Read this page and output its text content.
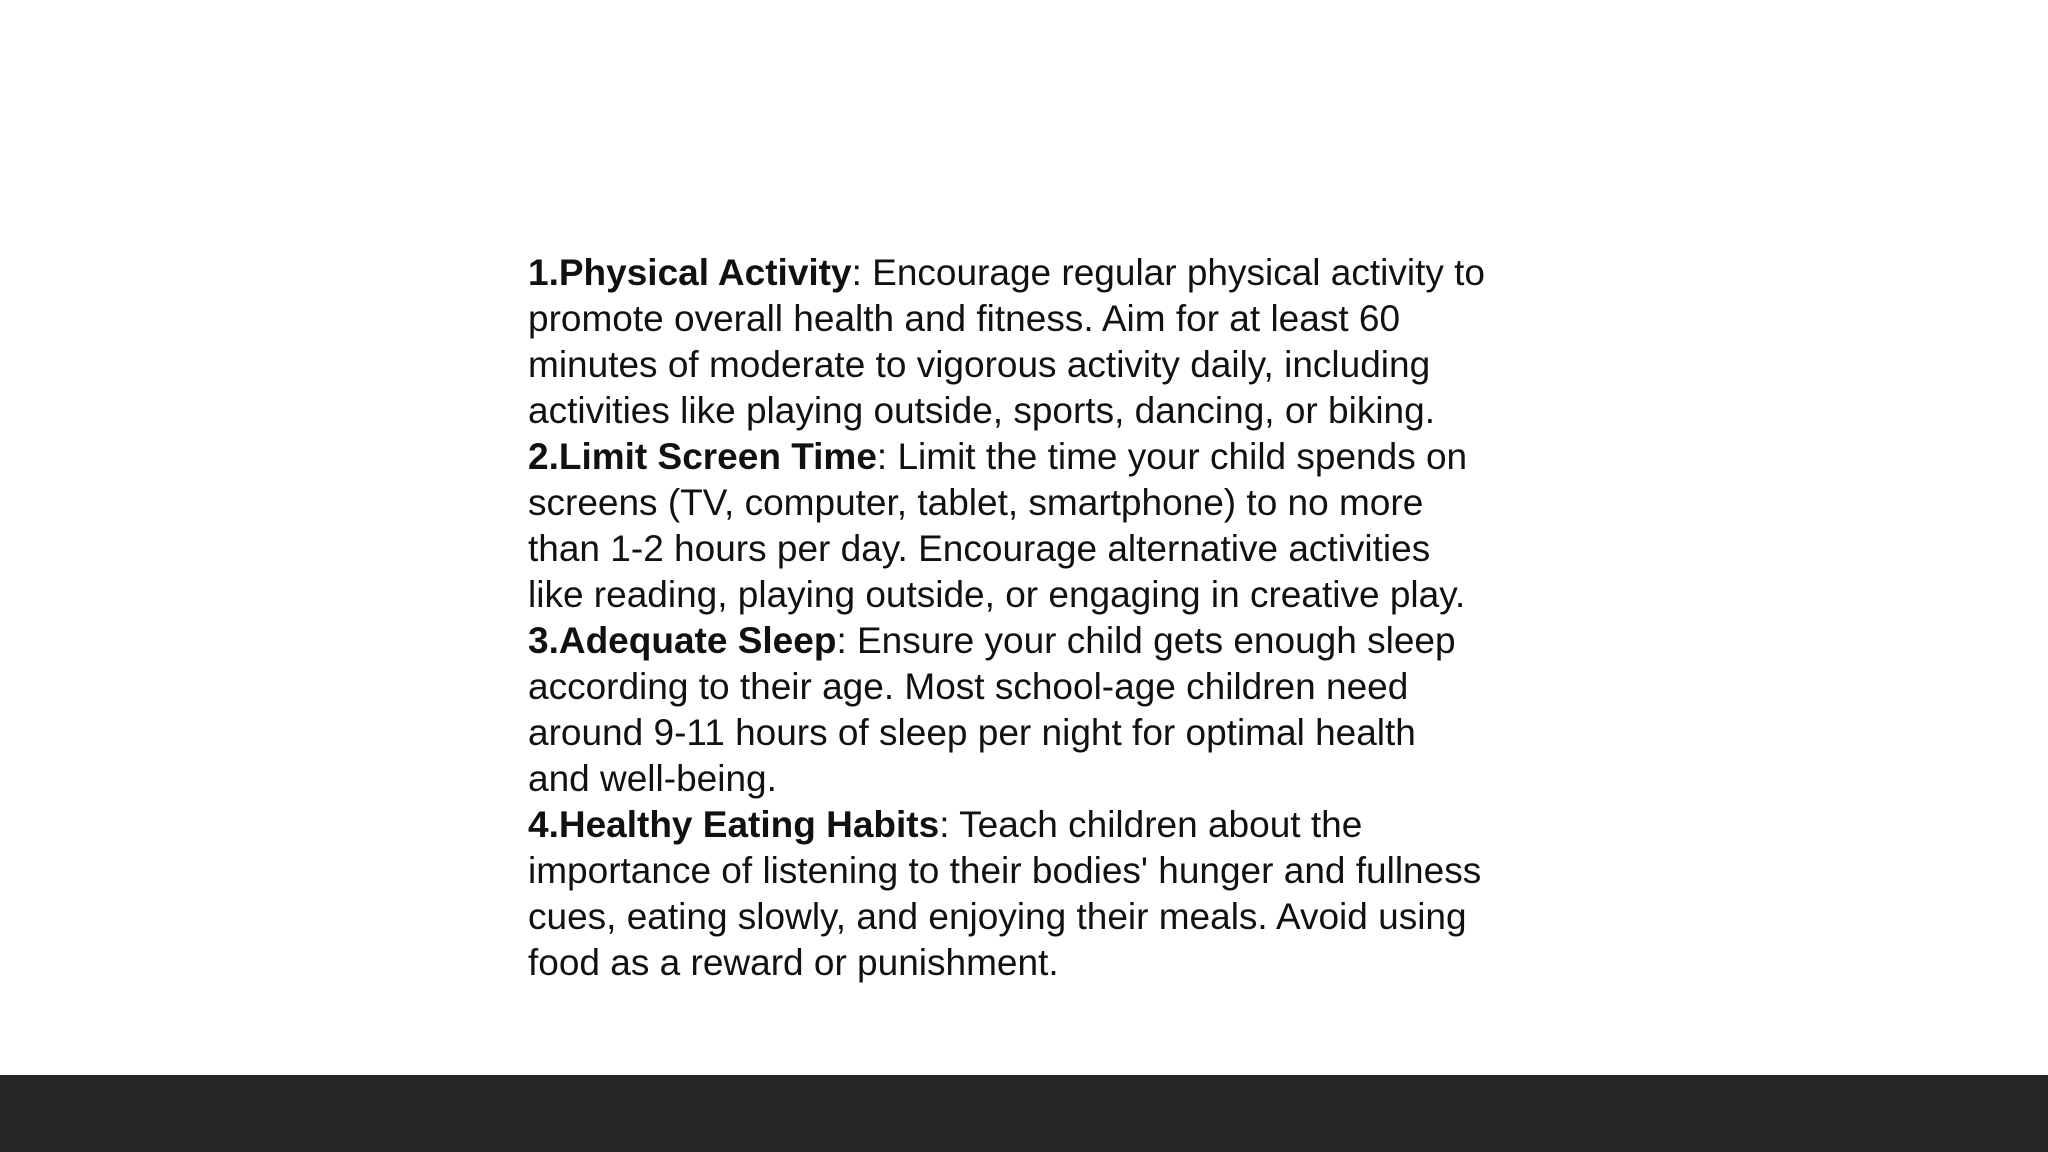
1.Physical Activity: Encourage regular physical activity to
promote overall health and fitness. Aim for at least 60
minutes of moderate to vigorous activity daily, including
activities like playing outside, sports, dancing, or biking.

2.Limit Screen Time: Limit the time your child spends on
screens (TV, computer, tablet, smartphone) to no more
than 1-2 hours per day. Encourage alternative activities
like reading, playing outside, or engaging in creative play.

3.Adequate Sleep: Ensure your child gets enough sleep
according to their age. Most school-age children need
around 9-11 hours of sleep per night for optimal health
and well-being.

4.Healthy Eating Habits: Teach children about the
importance of listening to their bodies' hunger and fullness
cues, eating slowly, and enjoying their meals. Avoid using
food as a reward or punishment.
